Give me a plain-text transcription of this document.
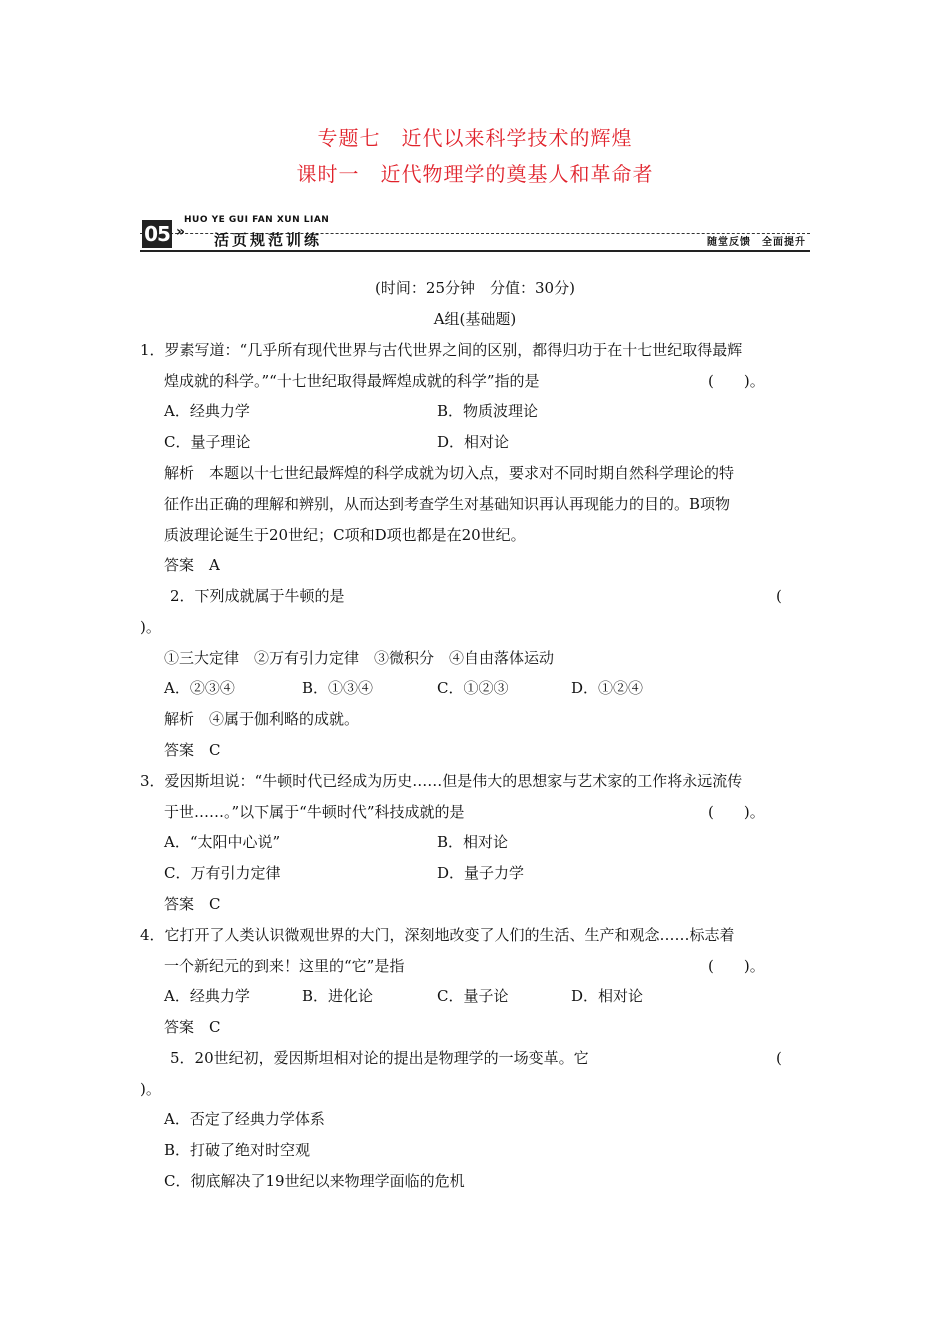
专题七　近代以来科学技术的辉煌
课时一　近代物理学的奠基人和革命者
HUO YE GUI FAN XUN LIAN
05 » 活页规范训练	随堂反馈　全面提升
(时间：25分钟　分值：30分)
A组(基础题)
1．罗素写道：“几乎所有现代世界与古代世界之间的区别，都得归功于在十七世纪取得最辉
煌成就的科学。”“十七世纪取得最辉煌成就的科学”指的是	(　　)。
A．经典力学	B．物质波理论
C．量子理论	D．相对论
解析　本题以十七世纪最辉煌的科学成就为切入点，要求对不同时期自然科学理论的特
征作出正确的理解和辨别，从而达到考查学生对基础知识再认再现能力的目的。B项物
质波理论诞生于20世纪；C项和D项也都是在20世纪。
答案　A
2．下列成就属于牛顿的是	(
)。
①三大定律　②万有引力定律　③微积分　④自由落体运动
A．②③④	B．①③④	C．①②③	D．①②④
解析　④属于伽利略的成就。
答案　C
3．爱因斯坦说：“牛顿时代已经成为历史……但是伟大的思想家与艺术家的工作将永远流传
于世……。”以下属于“牛顿时代”科技成就的是	(　　)。
A．“太阳中心说”	B．相对论
C．万有引力定律	D．量子力学
答案　C
4．它打开了人类认识微观世界的大门，深刻地改变了人们的生活、生产和观念……标志着
一个新纪元的到来！这里的“它”是指	(　　)。
A．经典力学	B．进化论	C．量子论	D．相对论
答案　C
5．20世纪初，爱因斯坦相对论的提出是物理学的一场变革。它	(
)。
A．否定了经典力学体系
B．打破了绝对时空观
C．彻底解决了19世纪以来物理学面临的危机
